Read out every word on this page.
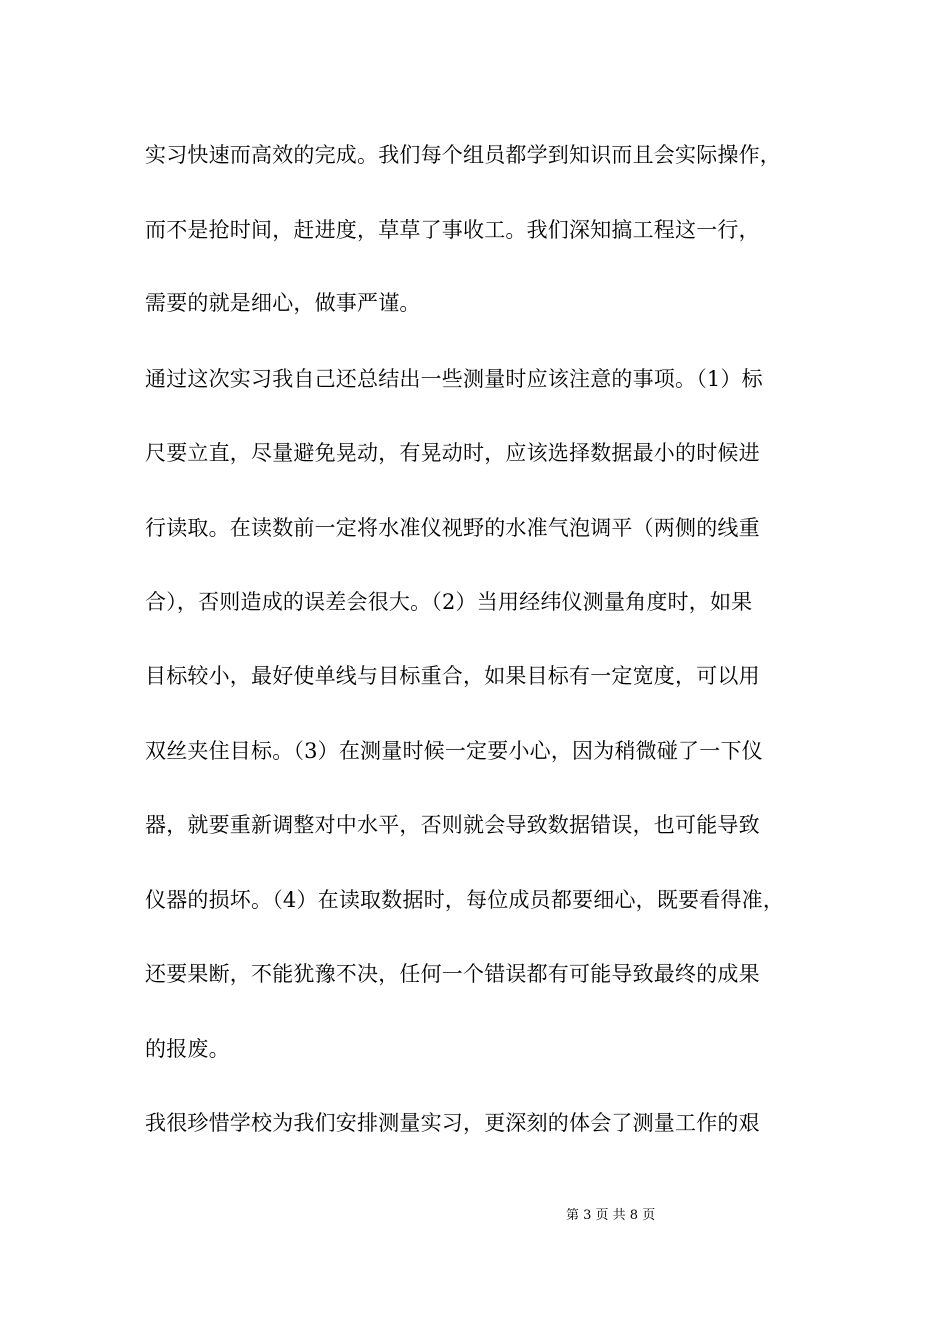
实习快速而高效的完成。我们每个组员都学到知识而且会实际操作，
而不是抢时间，赶进度，草草了事收工。我们深知搞工程这一行，
需要的就是细心，做事严谨。
通过这次实习我自己还总结出一些测量时应该注意的事项。（1）标
尺要立直，尽量避免晃动，有晃动时，应该选择数据最小的时候进
行读取。在读数前一定将水准仪视野的水准气泡调平（两侧的线重
合），否则造成的误差会很大。（2）当用经纬仪测量角度时，如果
目标较小，最好使单线与目标重合，如果目标有一定宽度，可以用
双丝夹住目标。（3）在测量时候一定要小心，因为稍微碰了一下仪
器，就要重新调整对中水平，否则就会导致数据错误，也可能导致
仪器的损坏。（4）在读取数据时，每位成员都要细心，既要看得准，
还要果断，不能犹豫不决，任何一个错误都有可能导致最终的成果
的报废。
我很珍惜学校为我们安排测量实习，更深刻的体会了测量工作的艰
第 3 页 共 8 页
